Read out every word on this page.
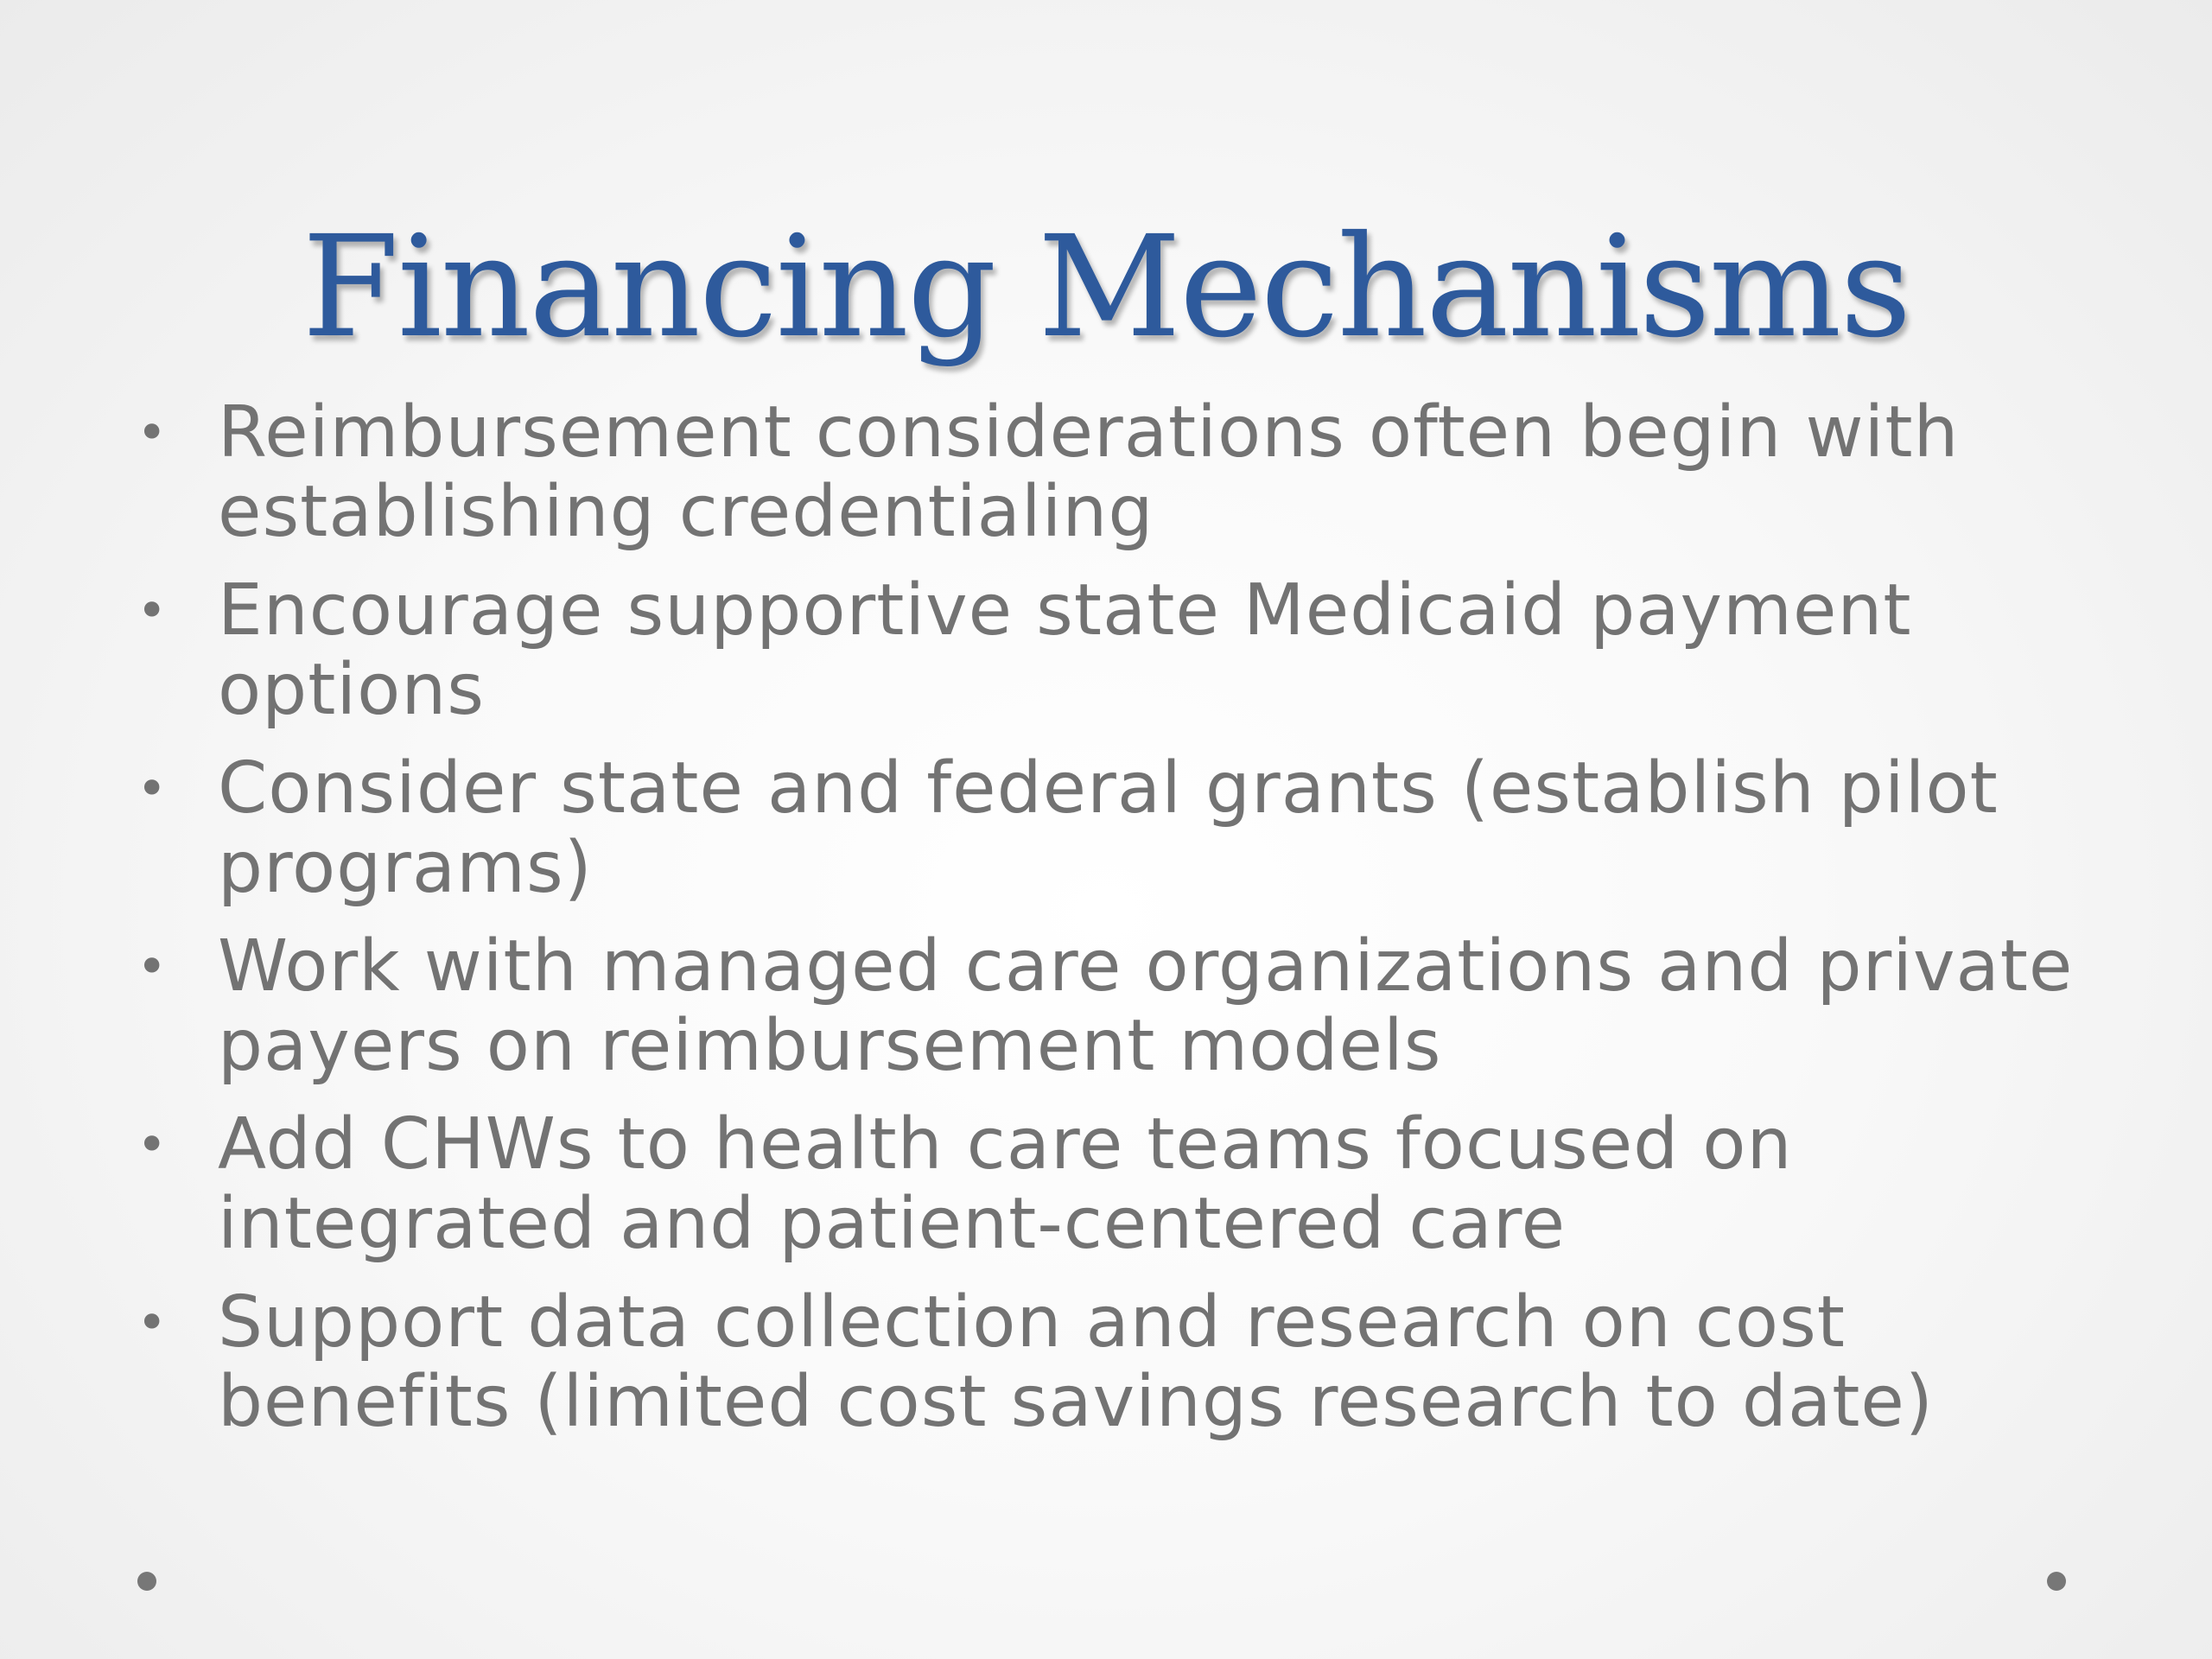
Financing Mechanisms
• Reimbursement considerations often begin with establishing credentialing
• Encourage supportive state Medicaid payment options
• Consider state and federal grants (establish pilot programs)
• Work with managed care organizations and private payers on reimbursement models
• Add CHWs to health care teams focused on integrated and patient-centered care
• Support data collection and research on cost benefits (limited cost savings research to date)
